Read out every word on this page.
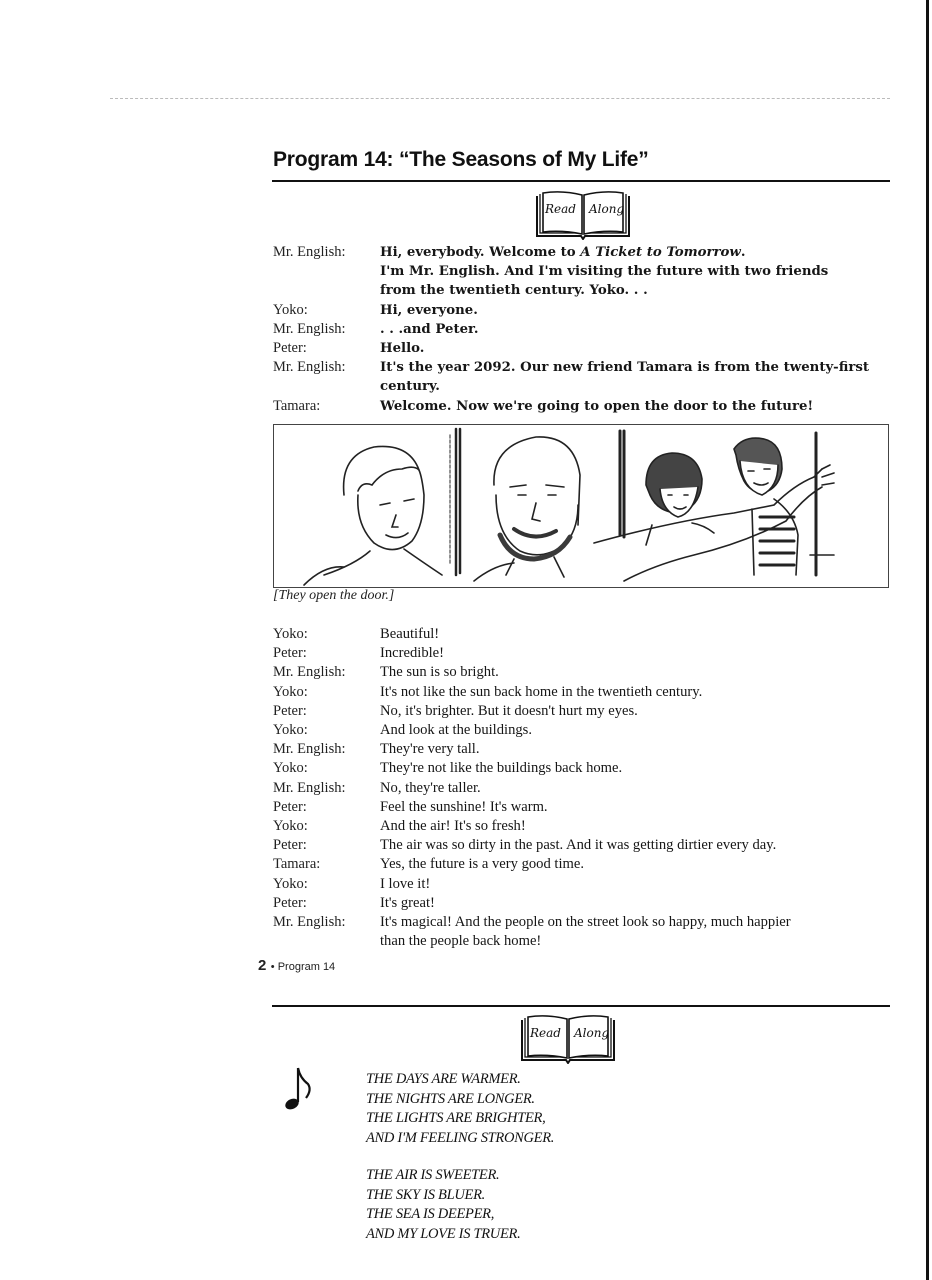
Program 14: “The Seasons of My Life”
Read Along
Mr. English:	Hi, everybody. Welcome to A Ticket to Tomorrow.
I'm Mr. English. And I'm visiting the future with two friends
from the twentieth century. Yoko. . .
Yoko:	Hi, everyone.
Mr. English:	. . .and Peter.
Peter:	Hello.
Mr. English:	It's the year 2092. Our new friend Tamara is from the twenty-first
century.
Tamara:	Welcome. Now we're going to open the door to the future!
[They open the door.]
Yoko:	Beautiful!
Peter:	Incredible!
Mr. English:	The sun is so bright.
Yoko:	It's not like the sun back home in the twentieth century.
Peter:	No, it's brighter. But it doesn't hurt my eyes.
Yoko:	And look at the buildings.
Mr. English:	They're very tall.
Yoko:	They're not like the buildings back home.
Mr. English:	No, they're taller.
Peter:	Feel the sunshine! It's warm.
Yoko:	And the air! It's so fresh!
Peter:	The air was so dirty in the past. And it was getting dirtier every day.
Tamara:	Yes, the future is a very good time.
Yoko:	I love it!
Peter:	It's great!
Mr. English:	It's magical! And the people on the street look so happy, much happier
than the people back home!
2 • Program 14
Read Along
THE DAYS ARE WARMER.
THE NIGHTS ARE LONGER.
THE LIGHTS ARE BRIGHTER,
AND I'M FEELING STRONGER.
THE AIR IS SWEETER.
THE SKY IS BLUER.
THE SEA IS DEEPER,
AND MY LOVE IS TRUER.
